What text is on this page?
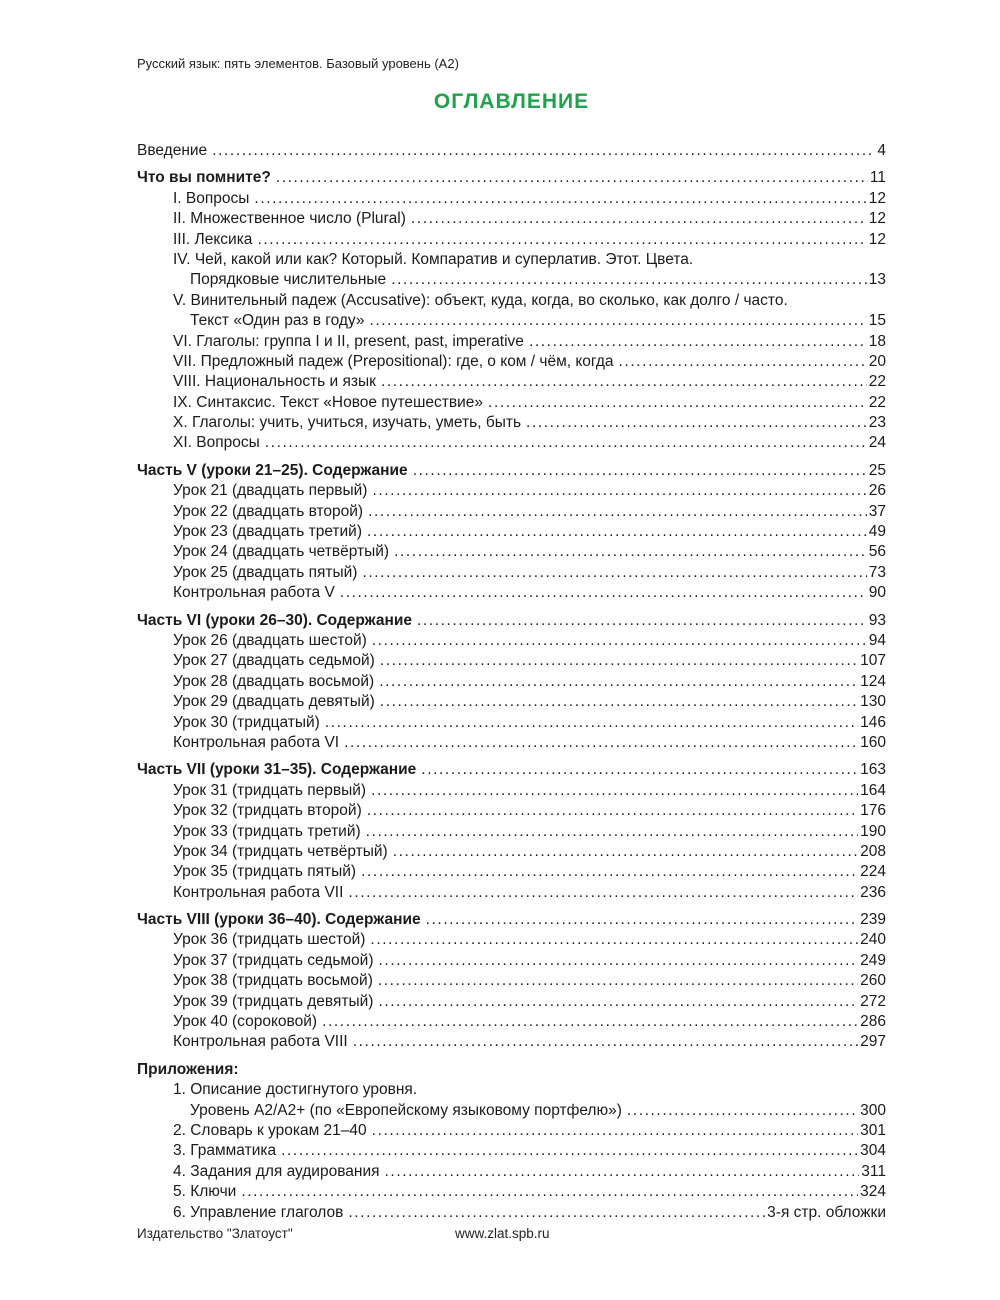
Русский язык: пять элементов. Базовый уровень (А2)
ОГЛАВЛЕНИЕ
Введение .....	4
Что вы помните? .....	11
I. Вопросы .....	12
II. Множественное число (Plural) .....	12
III. Лексика .....	12
IV. Чей, какой или как? Который. Компаратив и суперлатив. Этот. Цвета.
Порядковые числительные .....	13
V. Винительный падеж (Accusative): объект, куда, когда, во сколько, как долго / часто.
Текст «Один раз в году» .....	15
VI. Глаголы: группа I и II, present, past, imperative .....	18
VII. Предложный падеж (Prepositional): где, о ком / чём, когда .....	20
VIII. Национальность и язык .....	22
IX. Синтаксис. Текст «Новое путешествие» .....	22
X. Глаголы: учить, учиться, изучать, уметь, быть .....	23
XI. Вопросы .....	24
Часть V (уроки 21–25). Содержание .....	25
Урок 21 (двадцать первый) .....	26
Урок 22 (двадцать второй) .....	37
Урок 23 (двадцать третий) .....	49
Урок 24 (двадцать четвёртый) .....	56
Урок 25 (двадцать пятый) .....	73
Контрольная работа V .....	90
Часть VI (уроки 26–30). Содержание .....	93
Урок 26 (двадцать шестой) .....	94
Урок 27 (двадцать седьмой) .....	107
Урок 28 (двадцать восьмой) .....	124
Урок 29 (двадцать девятый) .....	130
Урок 30 (тридцатый) .....	146
Контрольная работа VI .....	160
Часть VII (уроки 31–35). Содержание .....	163
Урок 31 (тридцать первый) .....	164
Урок 32 (тридцать второй) .....	176
Урок 33 (тридцать третий) .....	190
Урок 34 (тридцать четвёртый) .....	208
Урок 35 (тридцать пятый) .....	224
Контрольная работа VII .....	236
Часть VIII (уроки 36–40). Содержание .....	239
Урок 36 (тридцать шестой) .....	240
Урок 37 (тридцать седьмой) .....	249
Урок 38 (тридцать восьмой) .....	260
Урок 39 (тридцать девятый) .....	272
Урок 40 (сороковой) .....	286
Контрольная работа VIII .....	297
Приложения:
1. Описание достигнутого уровня.
Уровень А2/А2+ (по «Европейскому языковому портфелю») .....	300
2. Словарь к урокам 21–40 .....	301
3. Грамматика .....	304
4. Задания для аудирования .....	311
5. Ключи .....	324
6. Управление глаголов .....	3-я стр. обложки
Издательство "Златоуст"	www.zlat.spb.ru
